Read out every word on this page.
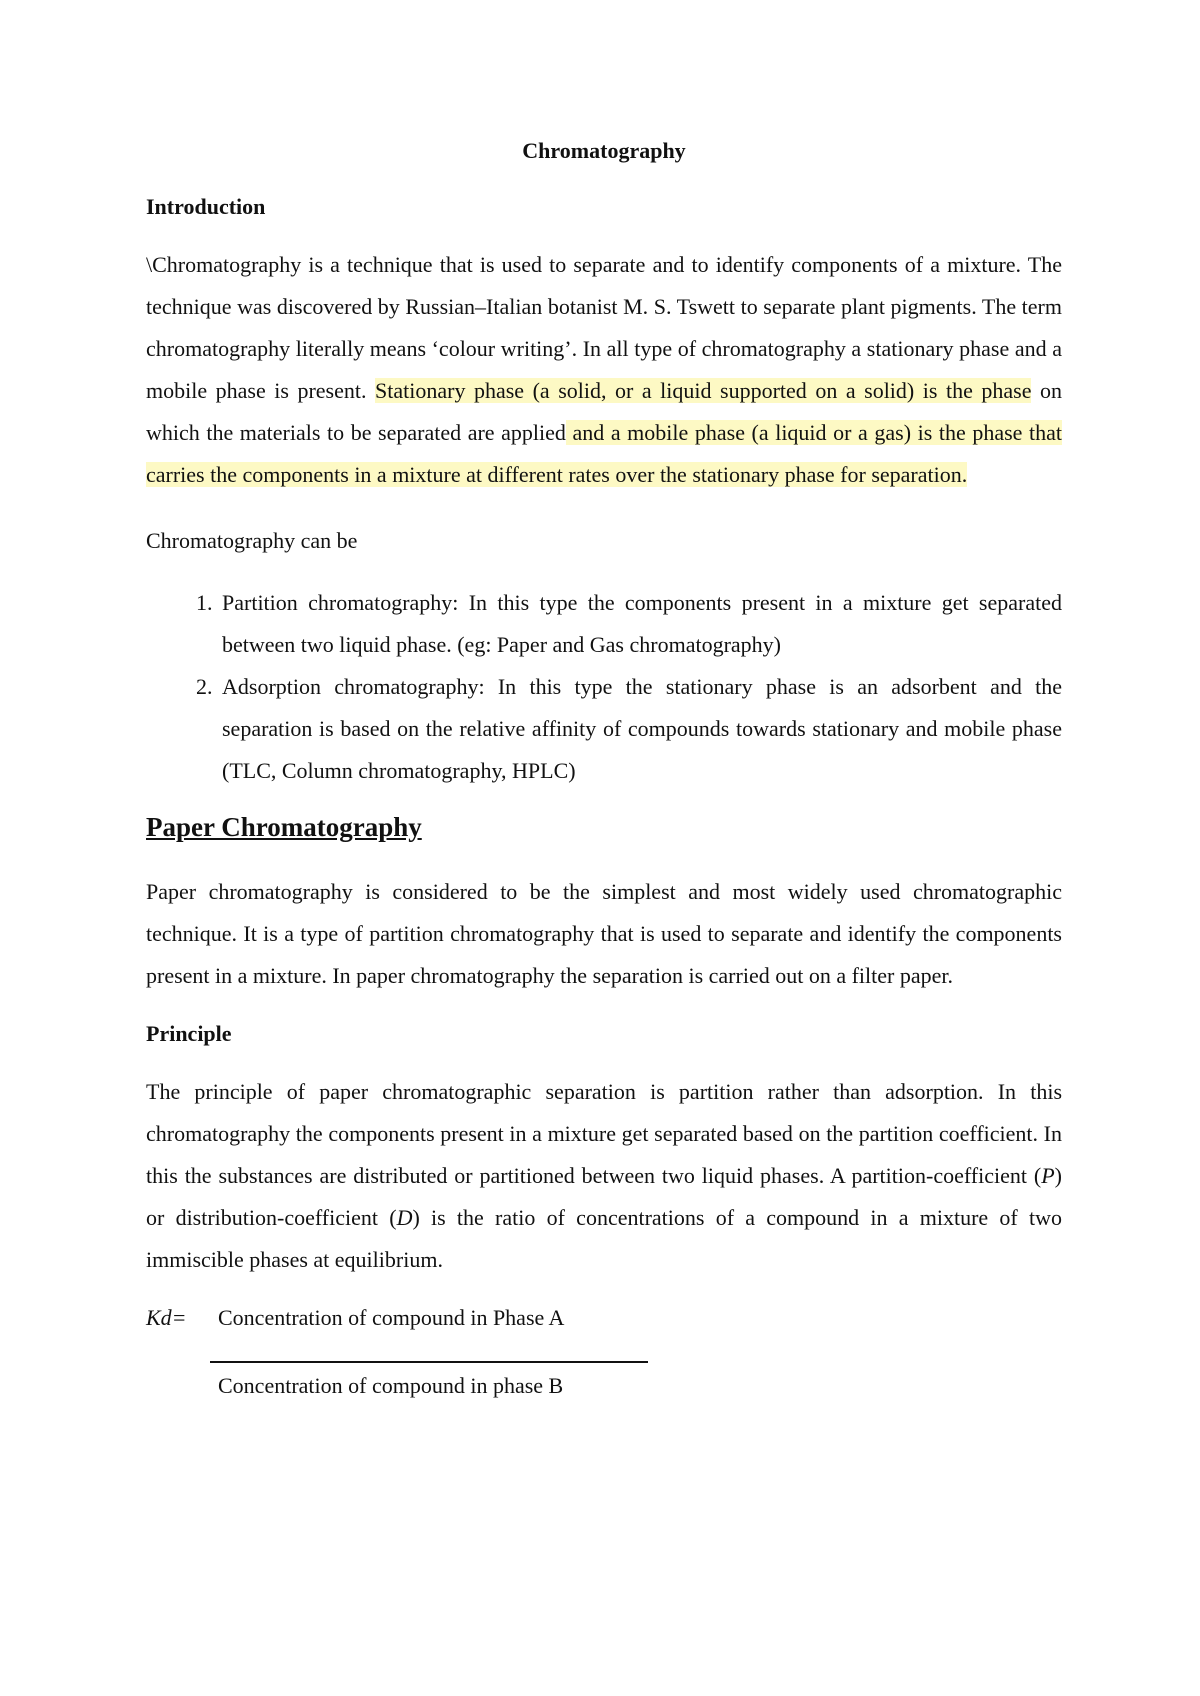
Chromatography
Introduction

\Chromatography is a technique that is used to separate and to identify components of a mixture. The technique was discovered by Russian–Italian botanist M. S. Tswett to separate plant pigments. The term chromatography literally means ‘colour writing’. In all type of chromatography a stationary phase and a mobile phase is present. Stationary phase (a solid, or a liquid supported on a solid) is the phase on which the materials to be separated are applied and a mobile phase (a liquid or a gas) is the phase that carries the components in a mixture at different rates over the stationary phase for separation.

Chromatography can be

1. Partition chromatography: In this type the components present in a mixture get separated between two liquid phase. (eg: Paper and Gas chromatography)
2. Adsorption chromatography: In this type the stationary phase is an adsorbent and the separation is based on the relative affinity of compounds towards stationary and mobile phase (TLC, Column chromatography, HPLC)
Paper Chromatography

Paper chromatography is considered to be the simplest and most widely used chromatographic technique. It is a type of partition chromatography that is used to separate and identify the components present in a mixture. In paper chromatography the separation is carried out on a filter paper.

Principle

The principle of paper chromatographic separation is partition rather than adsorption. In this chromatography the components present in a mixture get separated based on the partition coefficient. In this the substances are distributed or partitioned between two liquid phases. A partition-coefficient (P) or distribution-coefficient (D) is the ratio of concentrations of a compound in a mixture of two immiscible phases at equilibrium.

Kd= Concentration of compound in Phase A
Concentration of compound in phase B
